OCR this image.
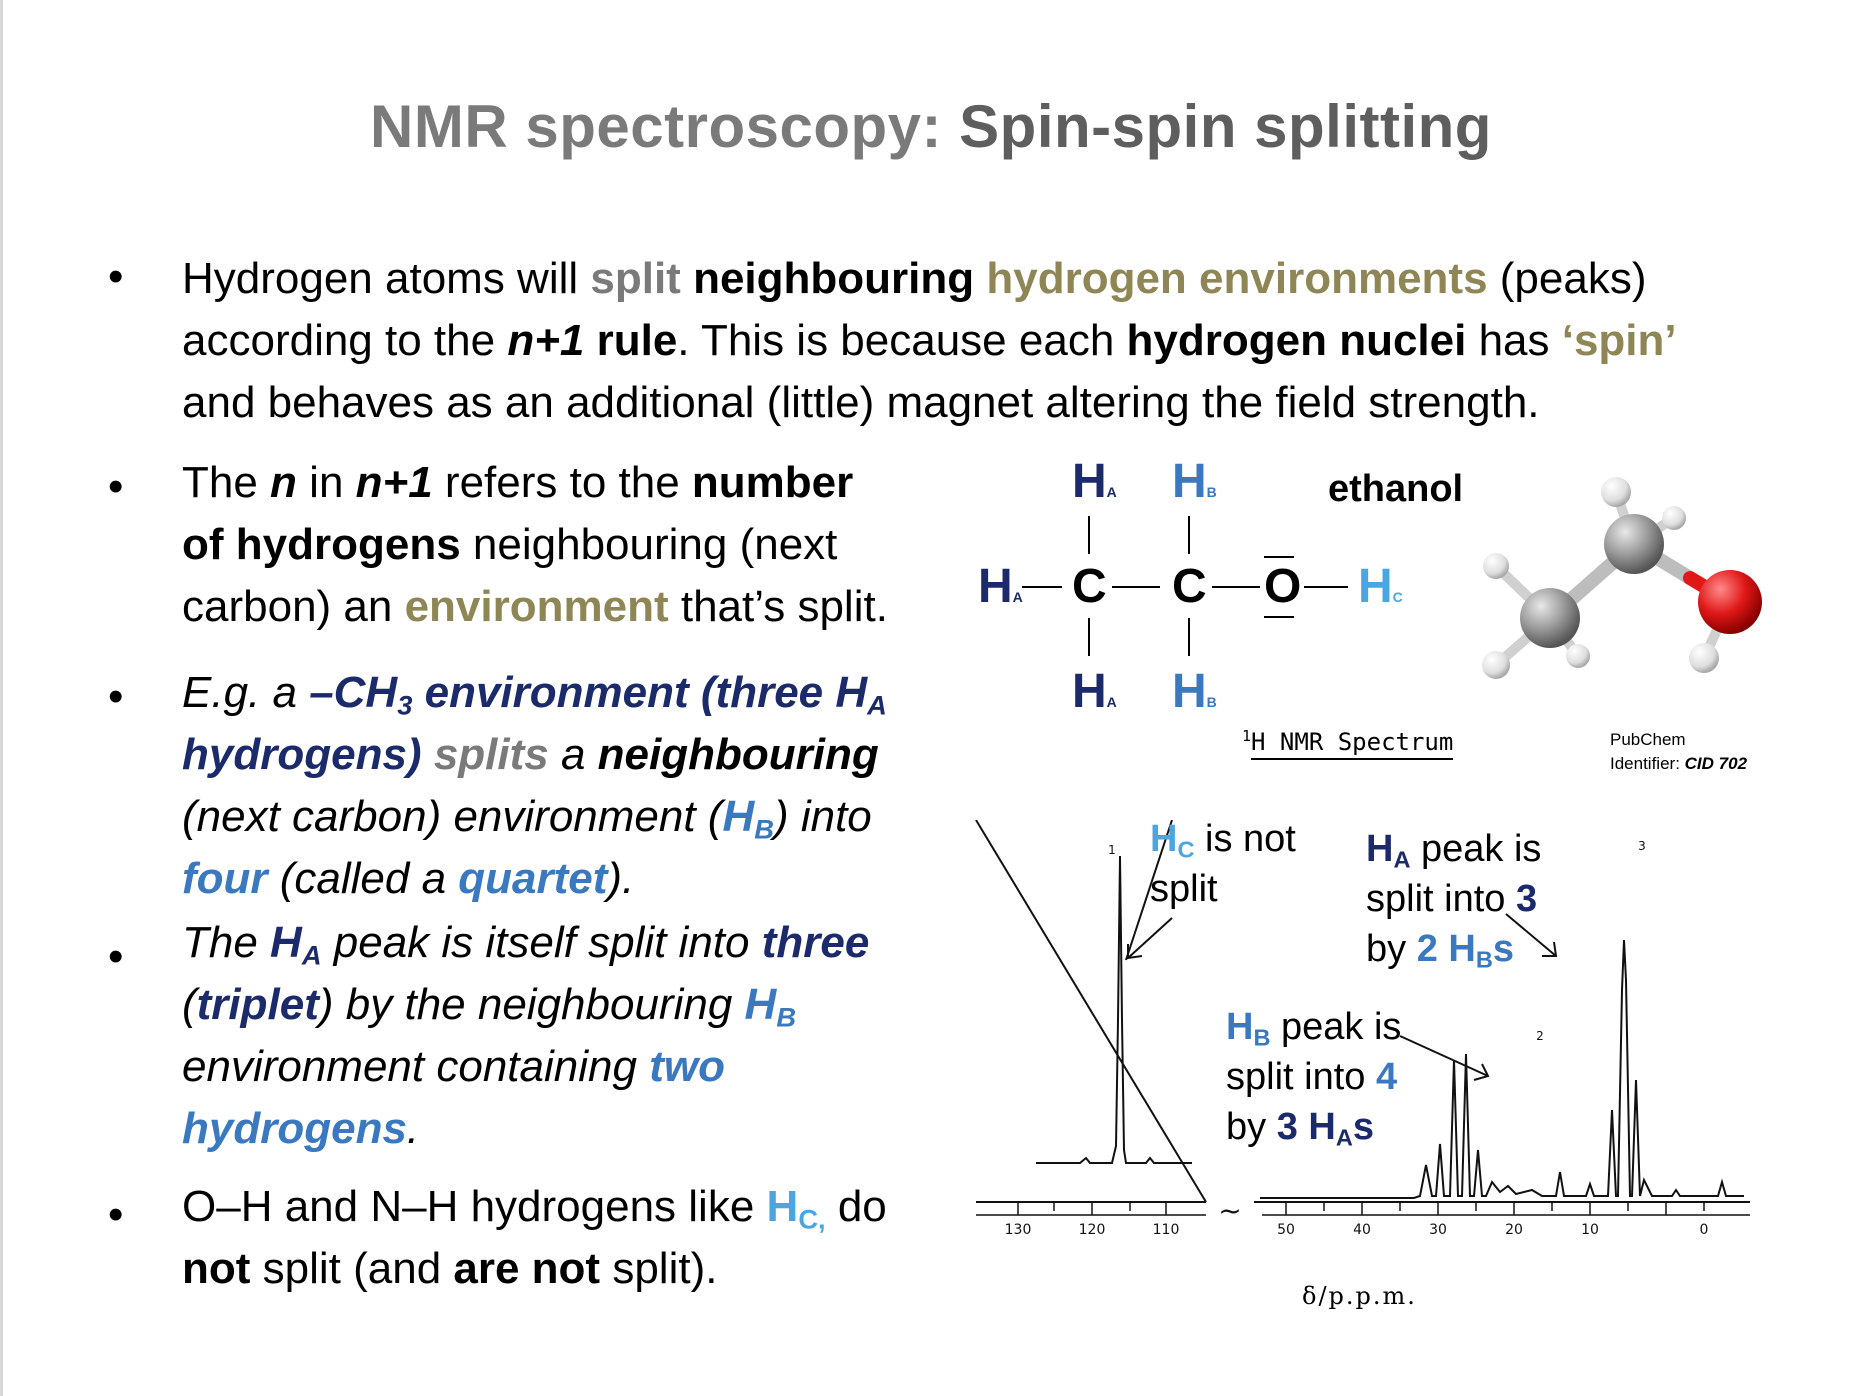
NMR spectroscopy: Spin-spin splitting
• Hydrogen atoms will split neighbouring hydrogen environments (peaks)
according to the n+1 rule. This is because each hydrogen nuclei has ‘spin’
and behaves as an additional (little) magnet altering the field strength.
• The n in n+1 refers to the number
of hydrogens neighbouring (next
carbon) an environment that’s split.
• E.g. a $-CH_3$ environment (three $H_A$
hydrogens) splits a neighbouring
(next carbon) environment $(H_B)$ into
four (called a quartet).
• The $H_A$ peak is itself split into three
(triplet) by the neighbouring $H_B$
environment containing two
hydrogens.
• O–H and N–H hydrogens like $H_{C,}$ do
not split (and are not split).
HA HB
HA C C O HC
HA HB
ethanol
PubChem
Identifier: CID 702
$^1$H NMR Spectrum
130	120	110	50	40	30	20	10	0
1
2
3
~
δ/p.p.m.
$H_C$ is not
split
$H_A$ peak is
split into 3
by 2 $H_Bs$
$H_B$ peak is
split into 4
by 3 $H_As$
